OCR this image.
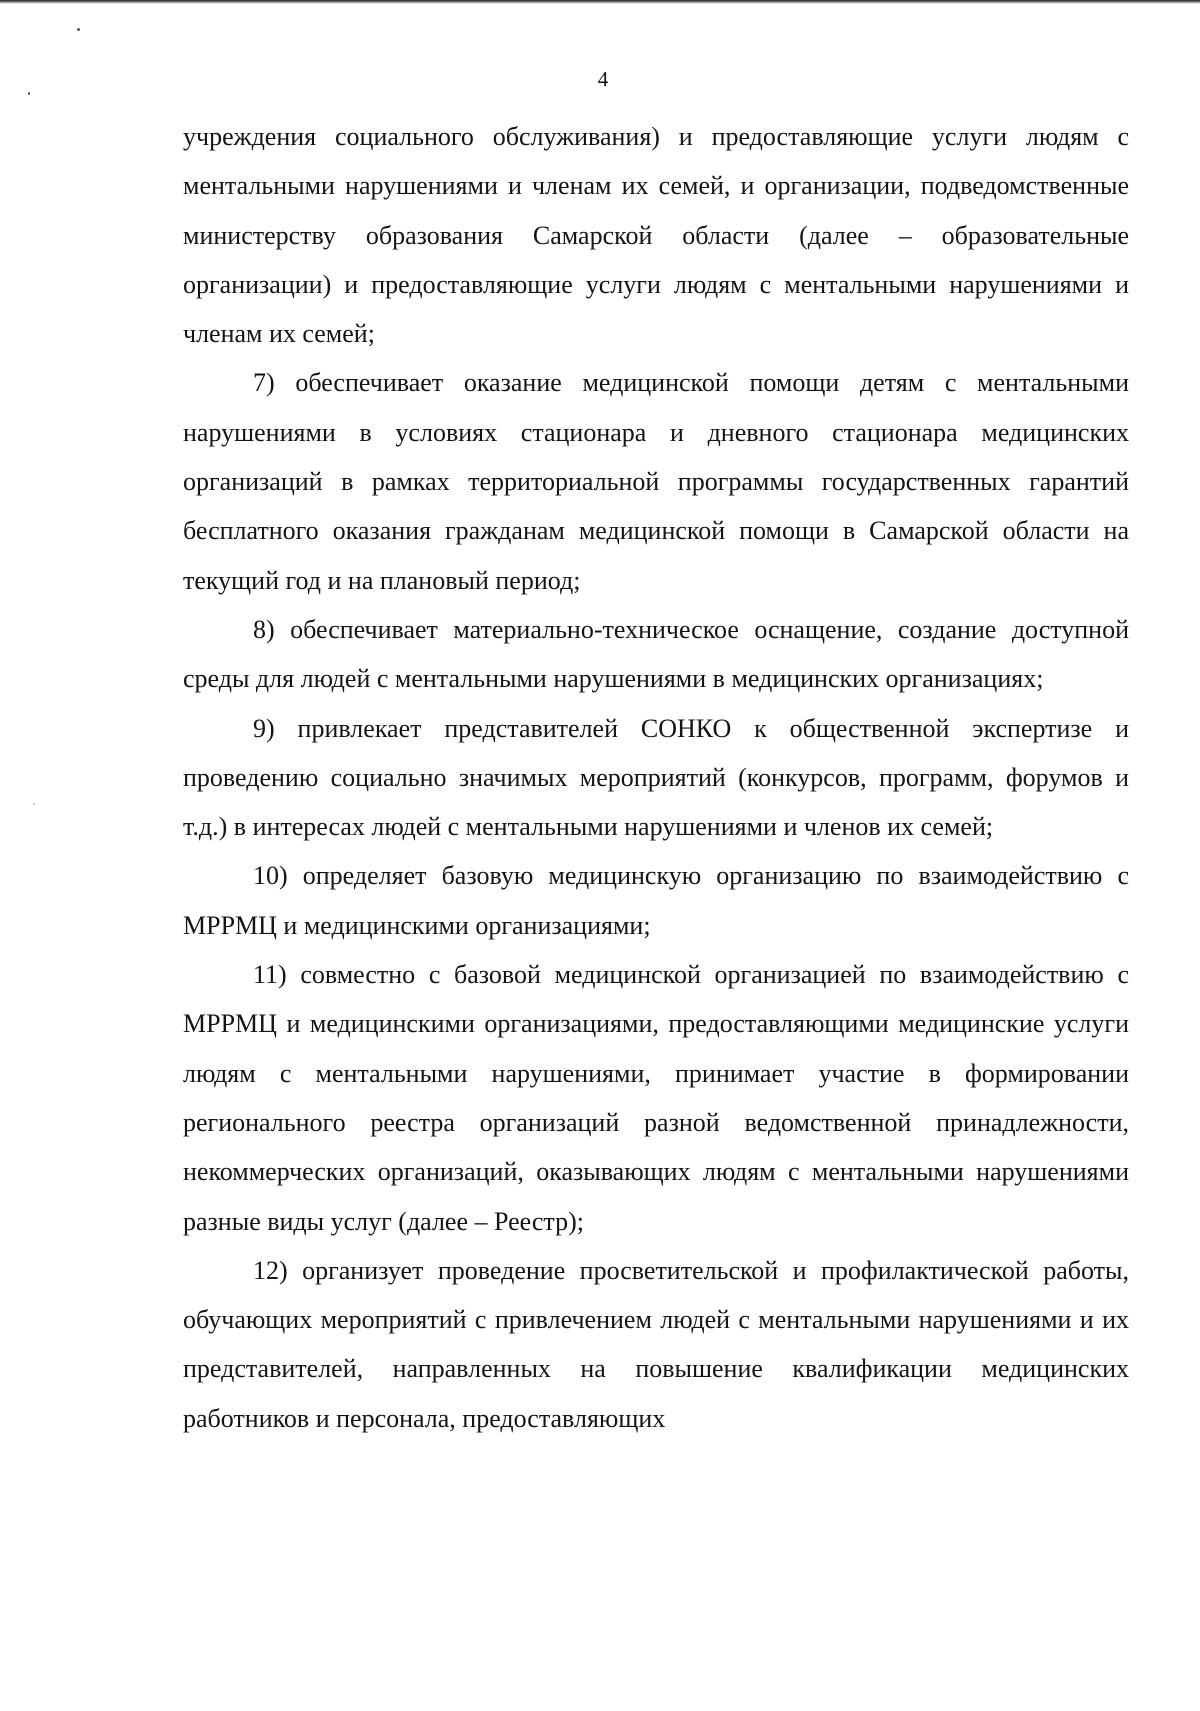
4

учреждения социального обслуживания) и предоставляющие услуги людям с ментальными нарушениями и членам их семей, и организации, подведомственные министерству образования Самарской области (далее – образовательные организации) и предоставляющие услуги людям с ментальными нарушениями и членам их семей;

7) обеспечивает оказание медицинской помощи детям с ментальными нарушениями в условиях стационара и дневного стационара медицинских организаций в рамках территориальной программы государственных гарантий бесплатного оказания гражданам медицинской помощи в Самарской области на текущий год и на плановый период;

8) обеспечивает материально-техническое оснащение, создание доступной среды для людей с ментальными нарушениями в медицинских организациях;

9) привлекает представителей СОНКО к общественной экспертизе и проведению социально значимых мероприятий (конкурсов, программ, форумов и т.д.) в интересах людей с ментальными нарушениями и членов их семей;

10) определяет базовую медицинскую организацию по взаимодействию с МРРМЦ и медицинскими организациями;

11) совместно с базовой медицинской организацией по взаимодействию с МРРМЦ и медицинскими организациями, предоставляющими медицинские услуги людям с ментальными нарушениями, принимает участие в формировании регионального реестра организаций разной ведомственной принадлежности, некоммерческих организаций, оказывающих людям с ментальными нарушениями разные виды услуг (далее – Реестр);

12) организует проведение просветительской и профилактической работы, обучающих мероприятий с привлечением людей с ментальными нарушениями и их представителей, направленных на повышение квалификации медицинских работников и персонала, предоставляющих
